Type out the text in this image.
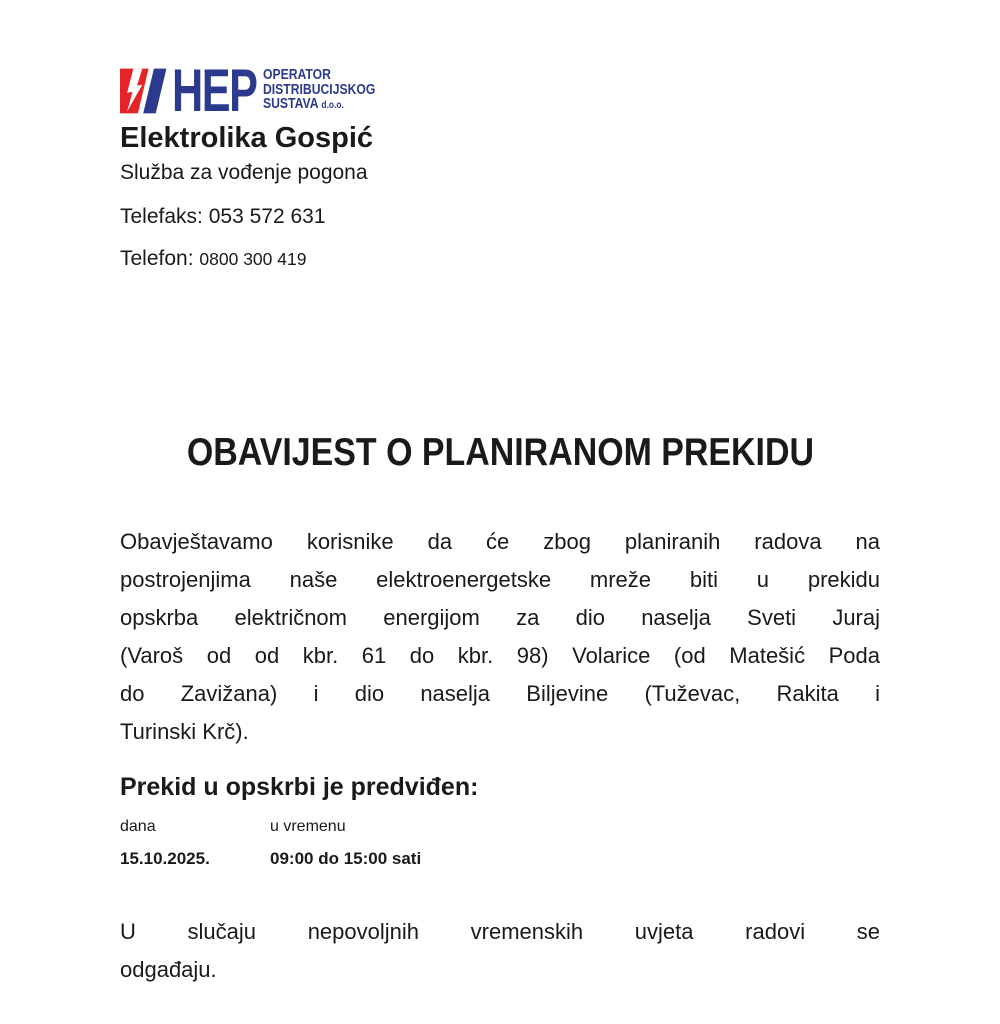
HEP OPERATOR
DISTRIBUCIJSKOG
SUSTAVA d.o.o.
Elektrolika Gospić
Služba za vođenje pogona
Telefaks: 053 572 631
Telefon: 0800 300 419
OBAVIJEST O PLANIRANOM PREKIDU
Obavještavamo korisnike da će zbog planiranih radova na
postrojenjima naše elektroenergetske mreže biti u prekidu
opskrba električnom energijom za dio naselja Sveti Juraj
(Varoš od od kbr. 61 do kbr. 98) Volarice (od Matešić Poda
do Zavižana) i dio naselja Biljevine (Tuževac, Rakita i
Turinski Krč).
Prekid u opskrbi je predviđen:
dana	u vremenu
15.10.2025.	09:00 do 15:00 sati
U slučaju nepovoljnih vremenskih uvjeta radovi se
odgađaju.
